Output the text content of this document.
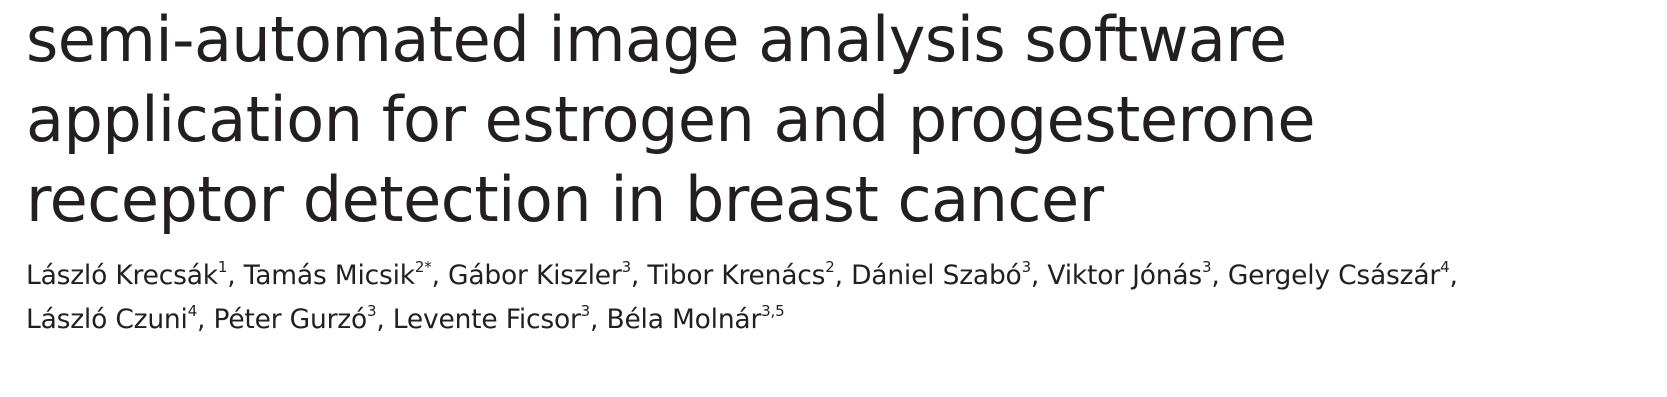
semi-automated image analysis software
application for estrogen and progesterone
receptor detection in breast cancer
László Krecsák$^1$, Tamás Micsik$^{2*}$, Gábor Kiszler$^3$, Tibor Krenács$^2$, Dániel Szabó$^3$, Viktor Jónás$^3$, Gergely Császár$^4$,
László Czuni$^4$, Péter Gurzó$^3$, Levente Ficsor$^3$, Béla Molnár$^{3,5}$
